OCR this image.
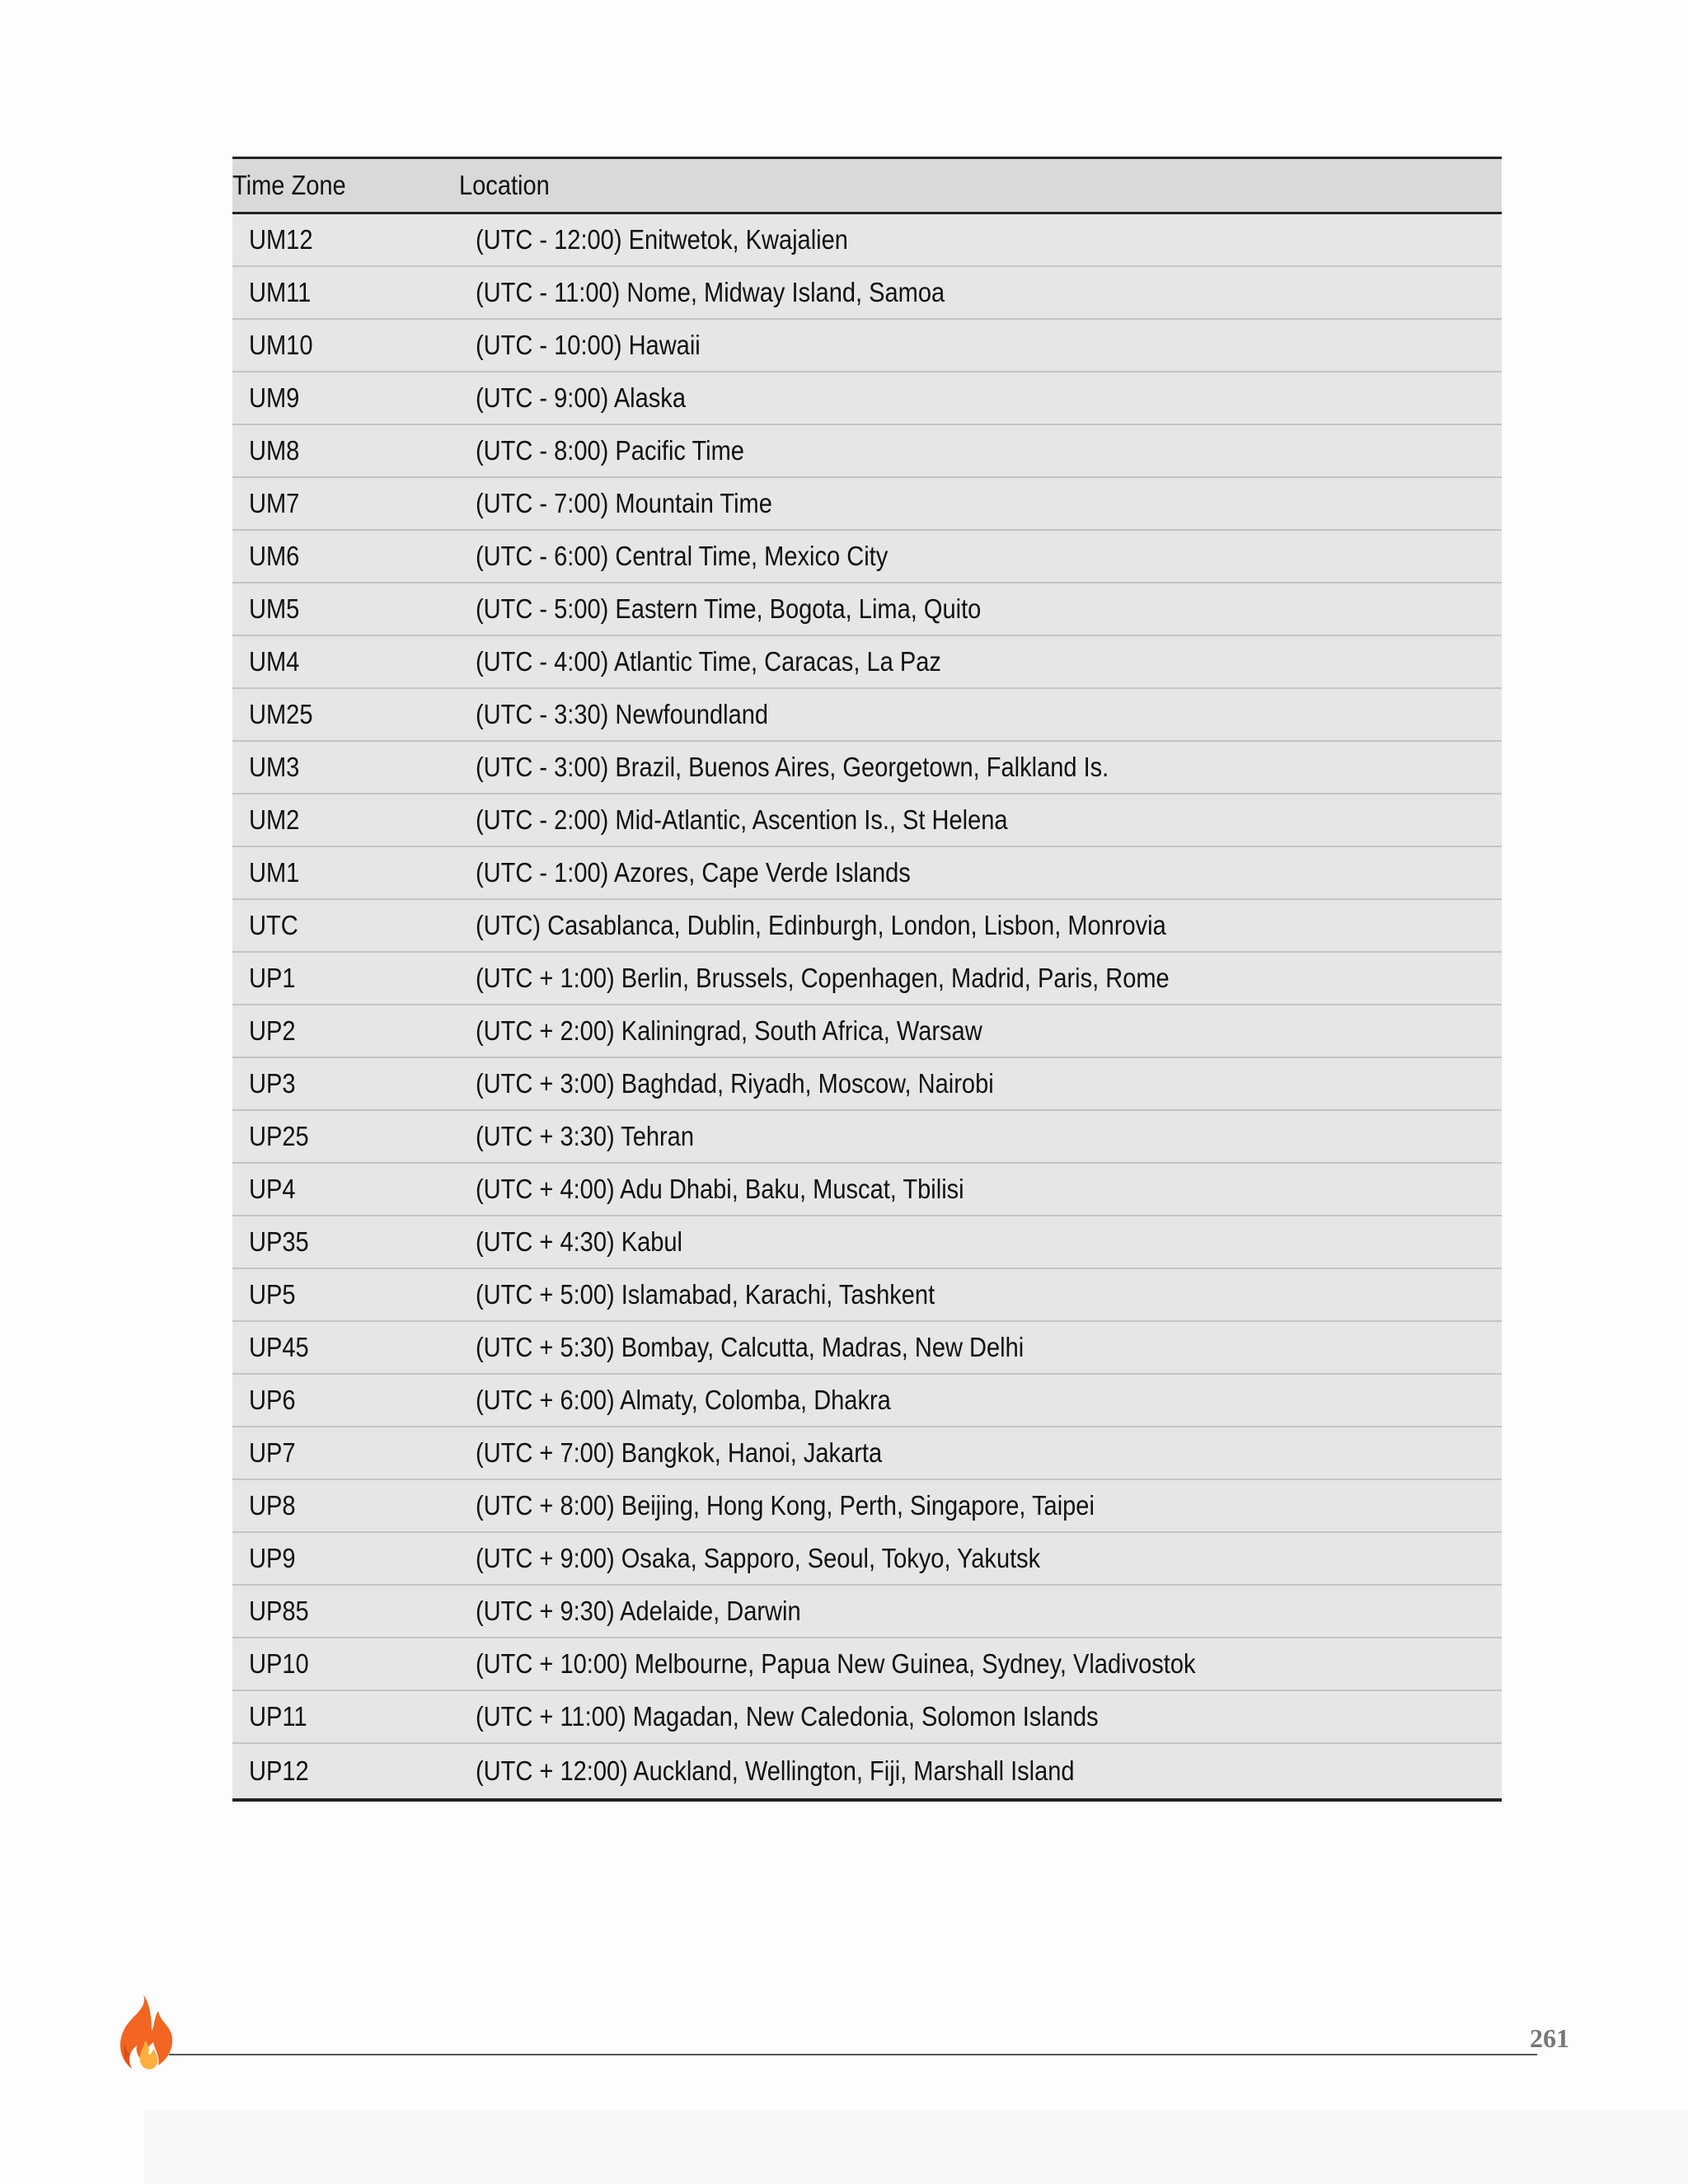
Time Zone	Location
UM12	(UTC - 12:00) Enitwetok, Kwajalien
UM11	(UTC - 11:00) Nome, Midway Island, Samoa
UM10	(UTC - 10:00) Hawaii
UM9	(UTC - 9:00) Alaska
UM8	(UTC - 8:00) Pacific Time
UM7	(UTC - 7:00) Mountain Time
UM6	(UTC - 6:00) Central Time, Mexico City
UM5	(UTC - 5:00) Eastern Time, Bogota, Lima, Quito
UM4	(UTC - 4:00) Atlantic Time, Caracas, La Paz
UM25	(UTC - 3:30) Newfoundland
UM3	(UTC - 3:00) Brazil, Buenos Aires, Georgetown, Falkland Is.
UM2	(UTC - 2:00) Mid-Atlantic, Ascention Is., St Helena
UM1	(UTC - 1:00) Azores, Cape Verde Islands
UTC	(UTC) Casablanca, Dublin, Edinburgh, London, Lisbon, Monrovia
UP1	(UTC + 1:00) Berlin, Brussels, Copenhagen, Madrid, Paris, Rome
UP2	(UTC + 2:00) Kaliningrad, South Africa, Warsaw
UP3	(UTC + 3:00) Baghdad, Riyadh, Moscow, Nairobi
UP25	(UTC + 3:30) Tehran
UP4	(UTC + 4:00) Adu Dhabi, Baku, Muscat, Tbilisi
UP35	(UTC + 4:30) Kabul
UP5	(UTC + 5:00) Islamabad, Karachi, Tashkent
UP45	(UTC + 5:30) Bombay, Calcutta, Madras, New Delhi
UP6	(UTC + 6:00) Almaty, Colomba, Dhakra
UP7	(UTC + 7:00) Bangkok, Hanoi, Jakarta
UP8	(UTC + 8:00) Beijing, Hong Kong, Perth, Singapore, Taipei
UP9	(UTC + 9:00) Osaka, Sapporo, Seoul, Tokyo, Yakutsk
UP85	(UTC + 9:30) Adelaide, Darwin
UP10	(UTC + 10:00) Melbourne, Papua New Guinea, Sydney, Vladivostok
UP11	(UTC + 11:00) Magadan, New Caledonia, Solomon Islands
UP12	(UTC + 12:00) Auckland, Wellington, Fiji, Marshall Island
261
